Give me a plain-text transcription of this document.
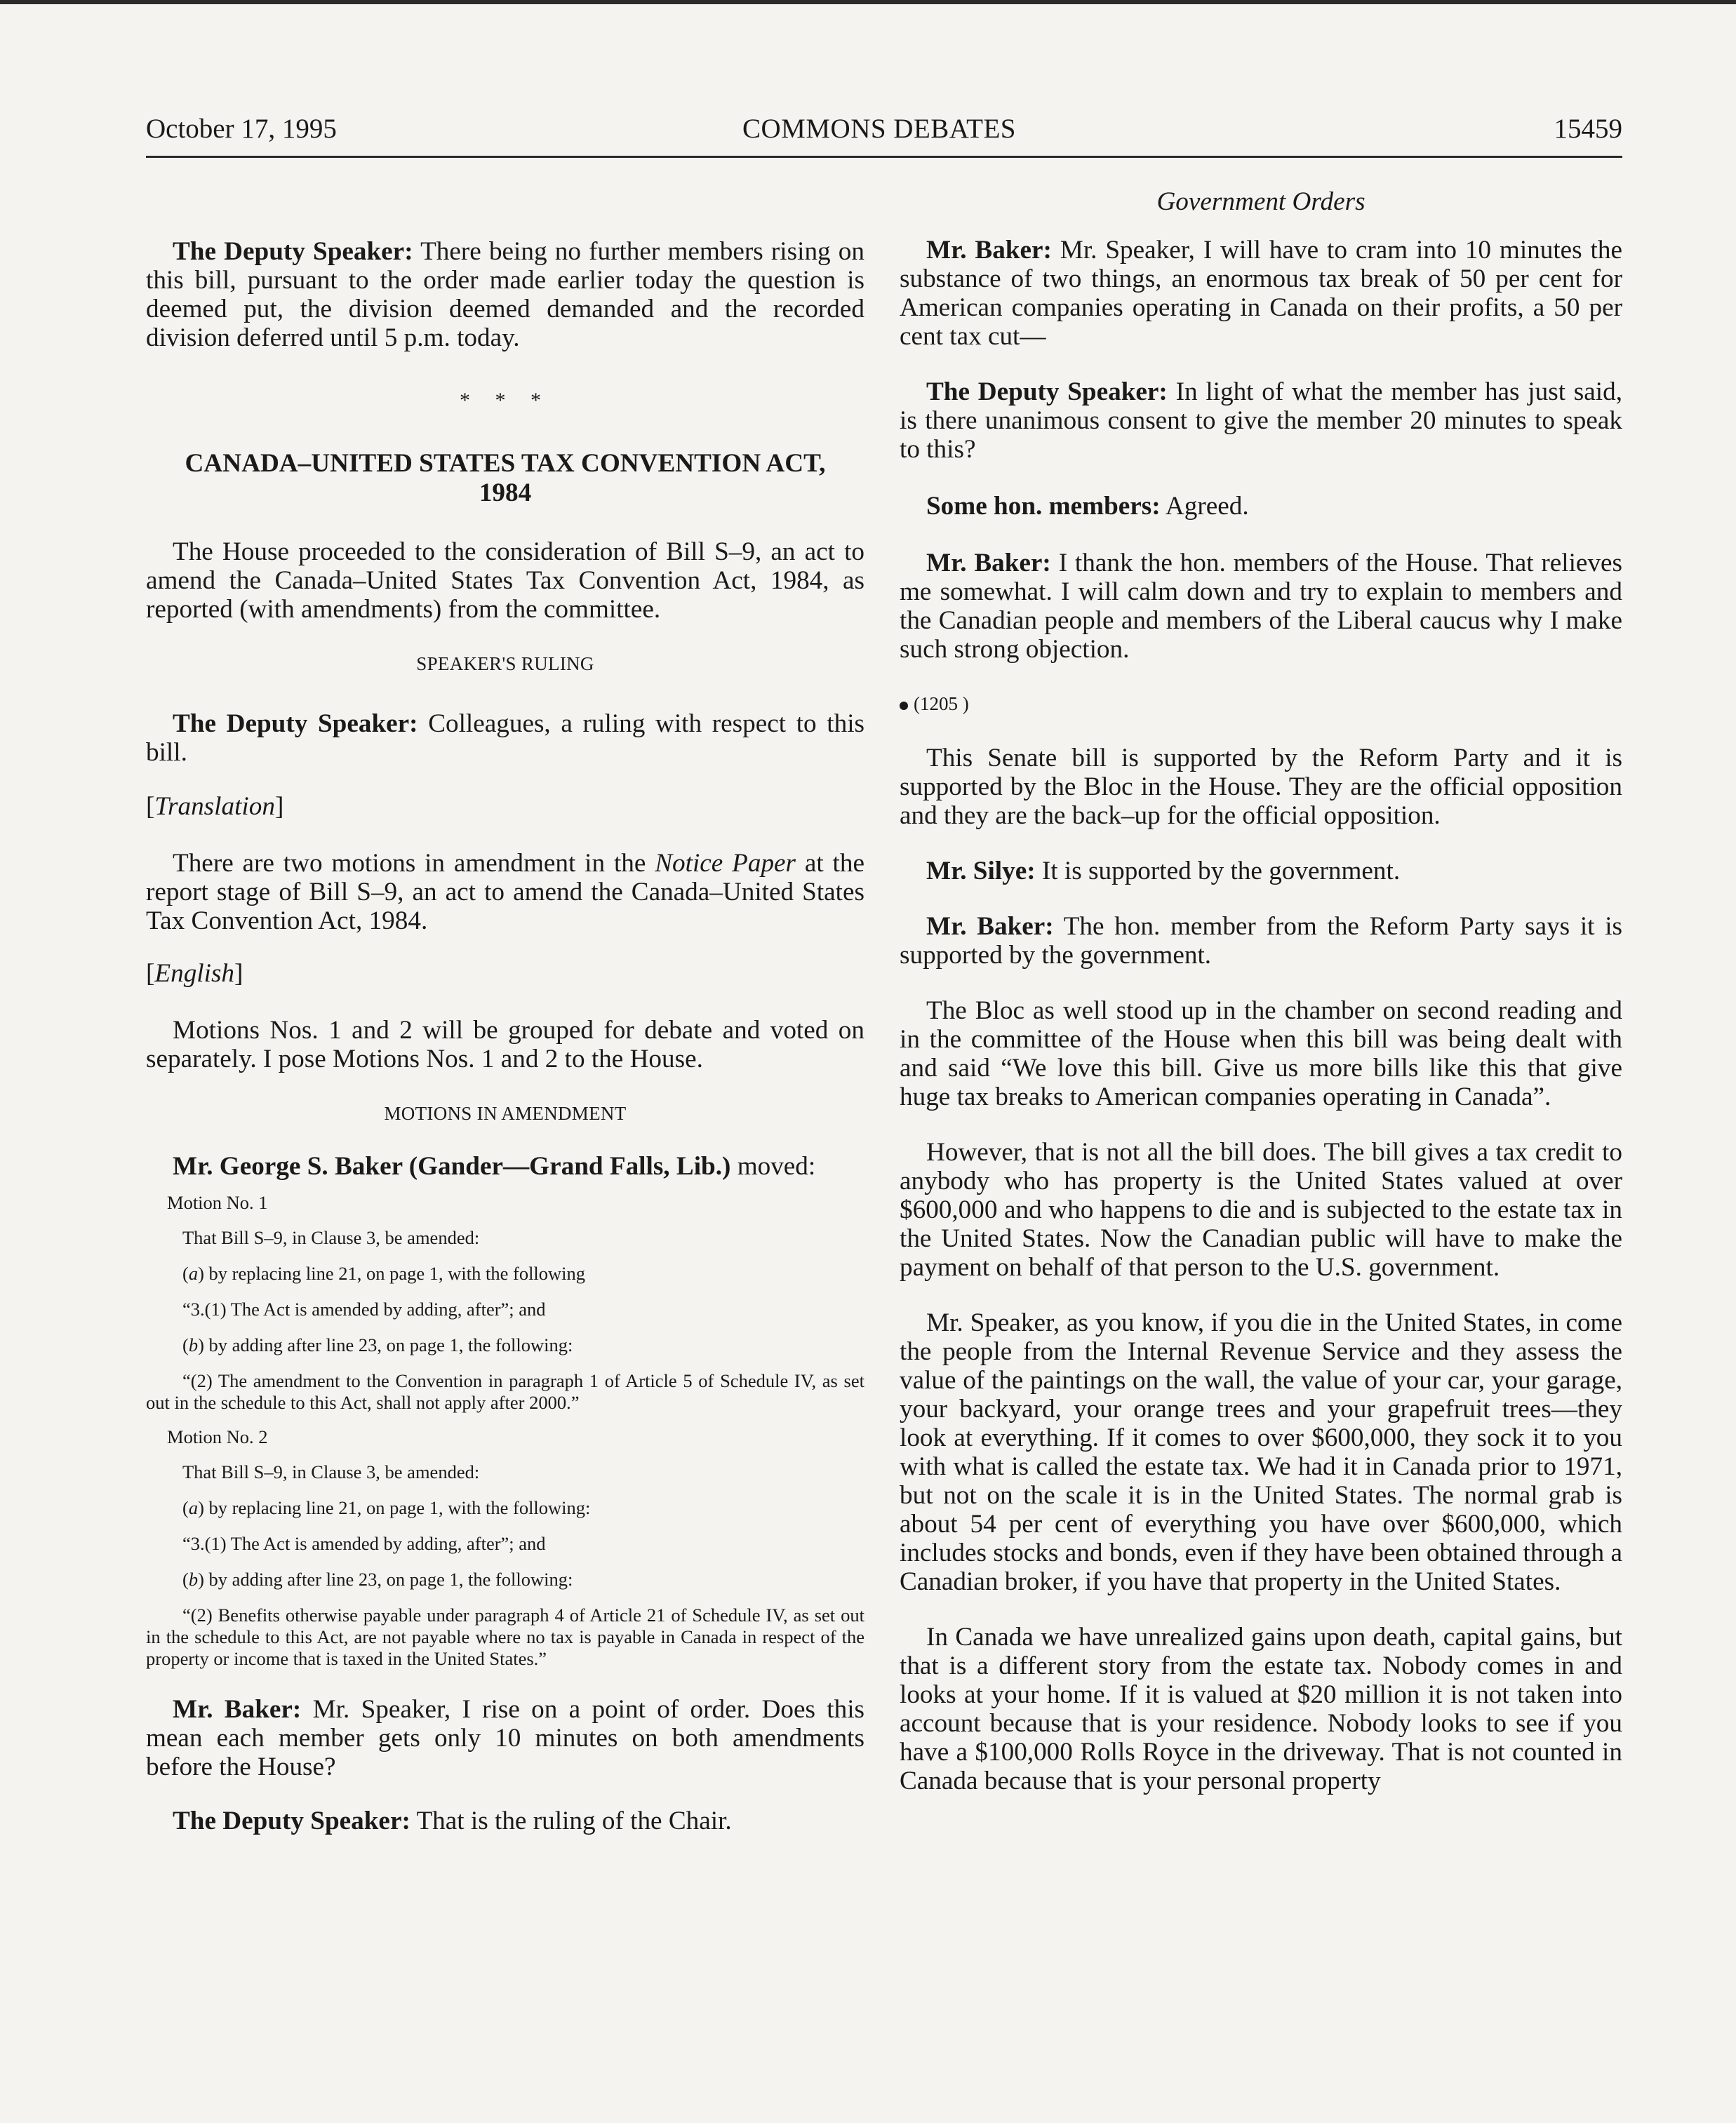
October 17, 1995	COMMONS DEBATES	15459

The Deputy Speaker: There being no further members rising on this bill, pursuant to the order made earlier today the question is deemed put, the division deemed demanded and the recorded division deferred until 5 p.m. today.

* * *
CANADA–UNITED STATES TAX CONVENTION ACT,
1984

The House proceeded to the consideration of Bill S–9, an act to amend the Canada–United States Tax Convention Act, 1984, as reported (with amendments) from the committee.

SPEAKER'S RULING

The Deputy Speaker: Colleagues, a ruling with respect to this bill.

[Translation]

There are two motions in amendment in the Notice Paper at the report stage of Bill S–9, an act to amend the Canada–United States Tax Convention Act, 1984.

[English]

Motions Nos. 1 and 2 will be grouped for debate and voted on separately. I pose Motions Nos. 1 and 2 to the House.

MOTIONS IN AMENDMENT

Mr. George S. Baker (Gander—Grand Falls, Lib.) moved:

Motion No. 1
That Bill S–9, in Clause 3, be amended:
(a) by replacing line 21, on page 1, with the following
“3.(1) The Act is amended by adding, after”; and
(b) by adding after line 23, on page 1, the following:
“(2) The amendment to the Convention in paragraph 1 of Article 5 of Schedule IV, as set out in the schedule to this Act, shall not apply after 2000.”
Motion No. 2
That Bill S–9, in Clause 3, be amended:
(a) by replacing line 21, on page 1, with the following:
“3.(1) The Act is amended by adding, after”; and
(b) by adding after line 23, on page 1, the following:
“(2) Benefits otherwise payable under paragraph 4 of Article 21 of Schedule IV, as set out in the schedule to this Act, are not payable where no tax is payable in Canada in respect of the property or income that is taxed in the United States.”

Mr. Baker: Mr. Speaker, I rise on a point of order. Does this mean each member gets only 10 minutes on both amendments before the House?

The Deputy Speaker: That is the ruling of the Chair.

Government Orders

Mr. Baker: Mr. Speaker, I will have to cram into 10 minutes the substance of two things, an enormous tax break of 50 per cent for American companies operating in Canada on their profits, a 50 per cent tax cut—

The Deputy Speaker: In light of what the member has just said, is there unanimous consent to give the member 20 minutes to speak to this?

Some hon. members: Agreed.

Mr. Baker: I thank the hon. members of the House. That relieves me somewhat. I will calm down and try to explain to members and the Canadian people and members of the Liberal caucus why I make such strong objection.

(1205 )

This Senate bill is supported by the Reform Party and it is supported by the Bloc in the House. They are the official opposition and they are the back–up for the official opposition.

Mr. Silye: It is supported by the government.

Mr. Baker: The hon. member from the Reform Party says it is supported by the government.

The Bloc as well stood up in the chamber on second reading and in the committee of the House when this bill was being dealt with and said “We love this bill. Give us more bills like this that give huge tax breaks to American companies operating in Canada”.

However, that is not all the bill does. The bill gives a tax credit to anybody who has property is the United States valued at over $600,000 and who happens to die and is subjected to the estate tax in the United States. Now the Canadian public will have to make the payment on behalf of that person to the U.S. government.

Mr. Speaker, as you know, if you die in the United States, in come the people from the Internal Revenue Service and they assess the value of the paintings on the wall, the value of your car, your garage, your backyard, your orange trees and your grapefruit trees—they look at everything. If it comes to over $600,000, they sock it to you with what is called the estate tax. We had it in Canada prior to 1971, but not on the scale it is in the United States. The normal grab is about 54 per cent of everything you have over $600,000, which includes stocks and bonds, even if they have been obtained through a Canadian broker, if you have that property in the United States.

In Canada we have unrealized gains upon death, capital gains, but that is a different story from the estate tax. Nobody comes in and looks at your home. If it is valued at $20 million it is not taken into account because that is your residence. Nobody looks to see if you have a $100,000 Rolls Royce in the driveway. That is not counted in Canada because that is your personal property
